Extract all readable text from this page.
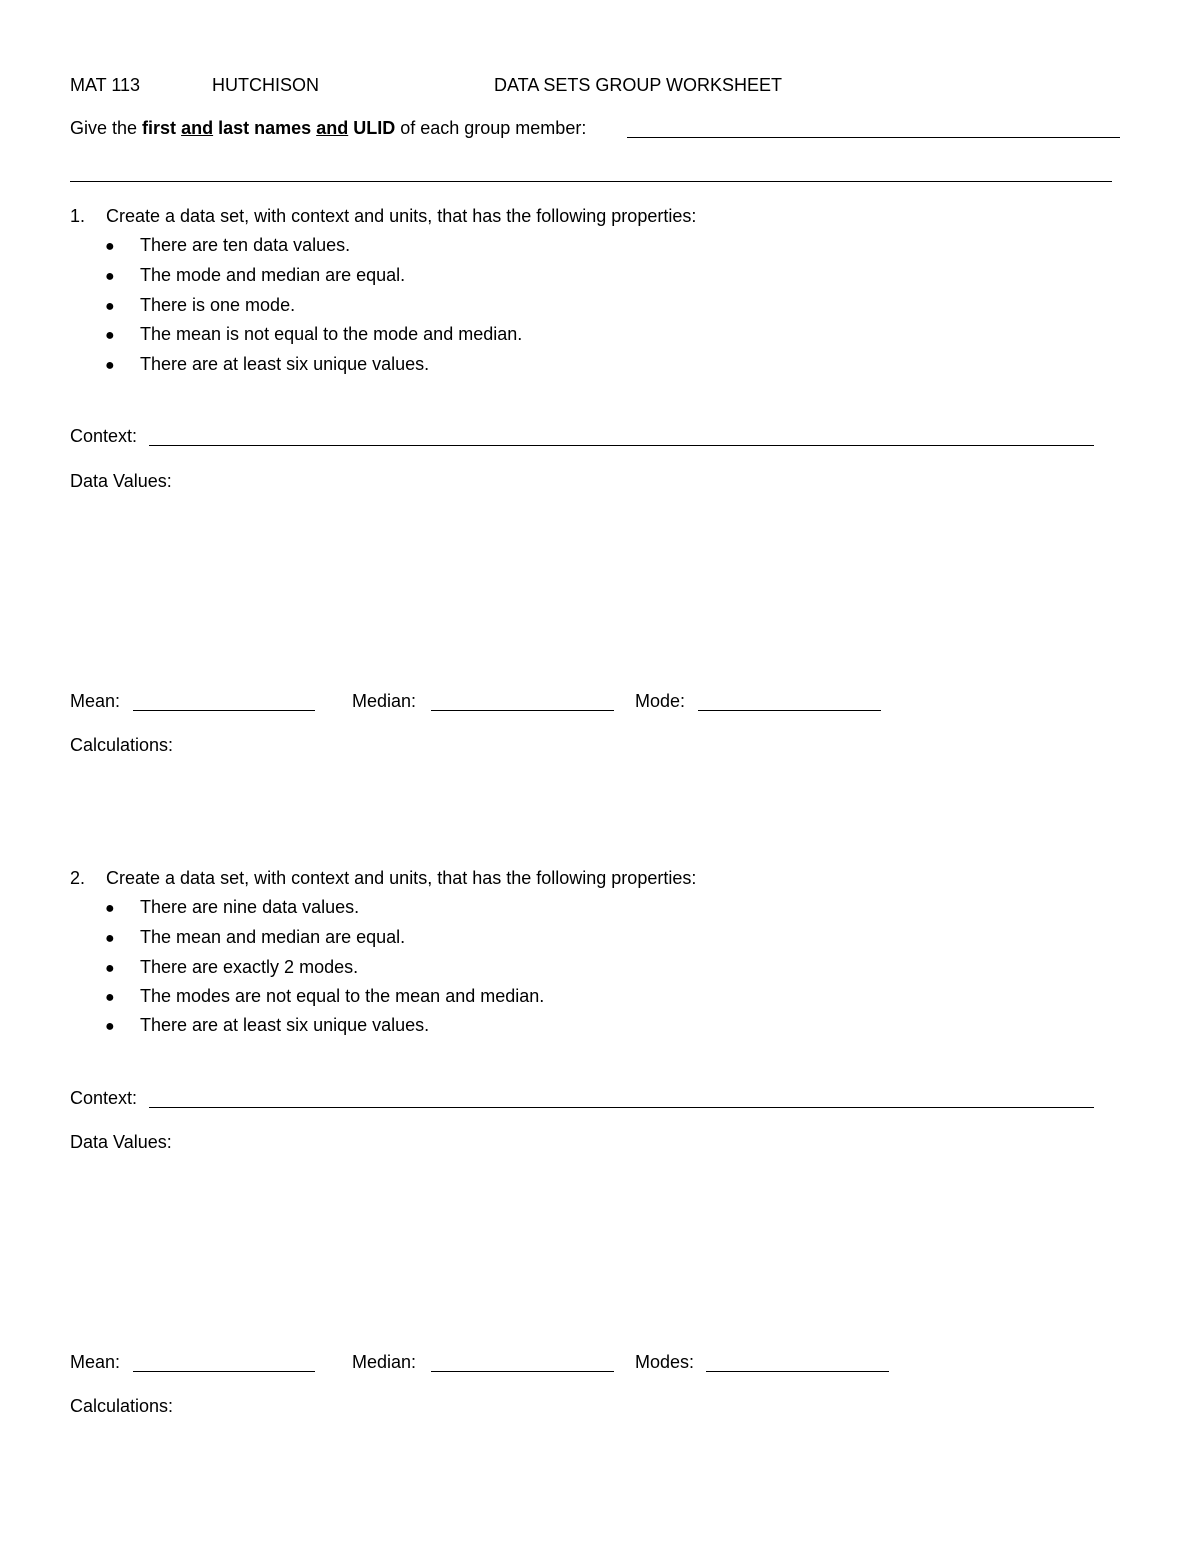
MAT 113	HUTCHISON	DATA SETS GROUP WORKSHEET
Give the first and last names and ULID of each group member:
1. Create a data set, with context and units, that has the following properties:
● There are ten data values.
● The mode and median are equal.
● There is one mode.
● The mean is not equal to the mode and median.
● There are at least six unique values.
Context:
Data Values:
Mean:	Median:	Mode:
Calculations:
2. Create a data set, with context and units, that has the following properties:
● There are nine data values.
● The mean and median are equal.
● There are exactly 2 modes.
● The modes are not equal to the mean and median.
● There are at least six unique values.
Context:
Data Values:
Mean:	Median:	Modes:
Calculations:
